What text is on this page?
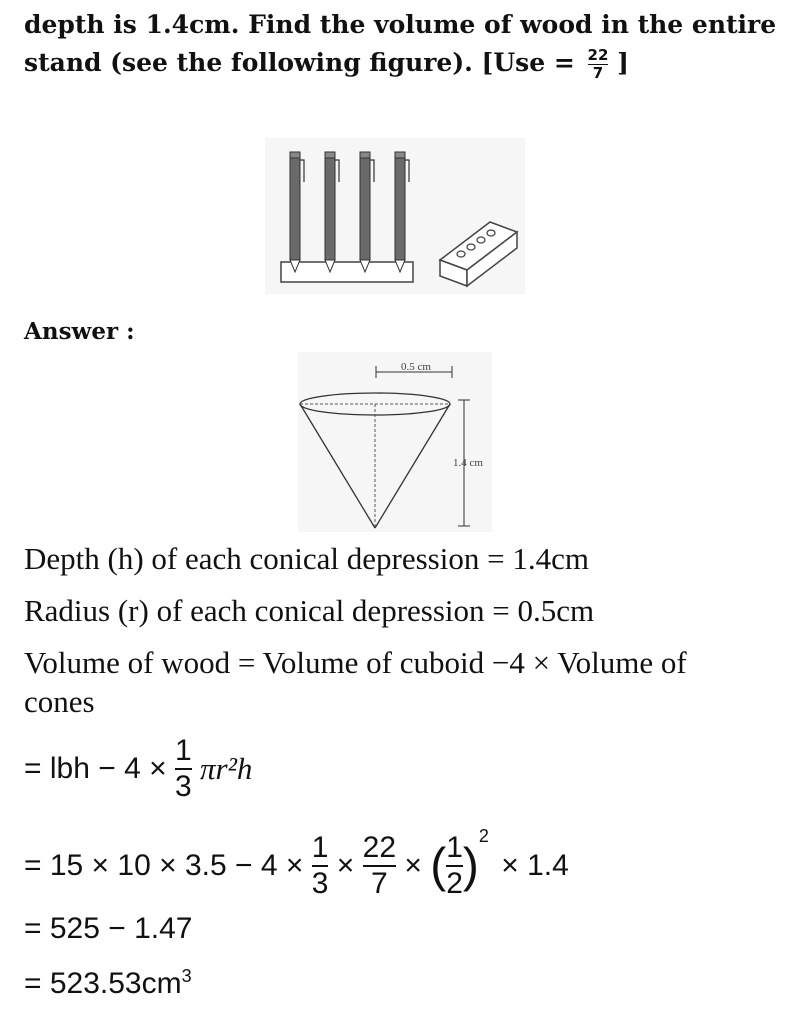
depth is 1.4cm. Find the volume of wood in the entire
stand (see the following figure). [$Use = \frac{22}{7}$ ]
Answer :
0.5 cm
1.4 cm
Depth (h) of each conical depression = 1.4cm
Radius (r) of each conical depression = 0.5cm
Volume of wood = Volume of cuboid −4 × Volume of
cones
= lbh − $4 \times \frac{1}{3} \pi r^2h$
= $15 \times 10 \times 3.5 - 4 \times \frac{1}{3} \times \frac{22}{7}$ × ( $\frac{1}{2} )^2 \times 1.4$
= 525 − 1.47
= $523.53cm^3$
